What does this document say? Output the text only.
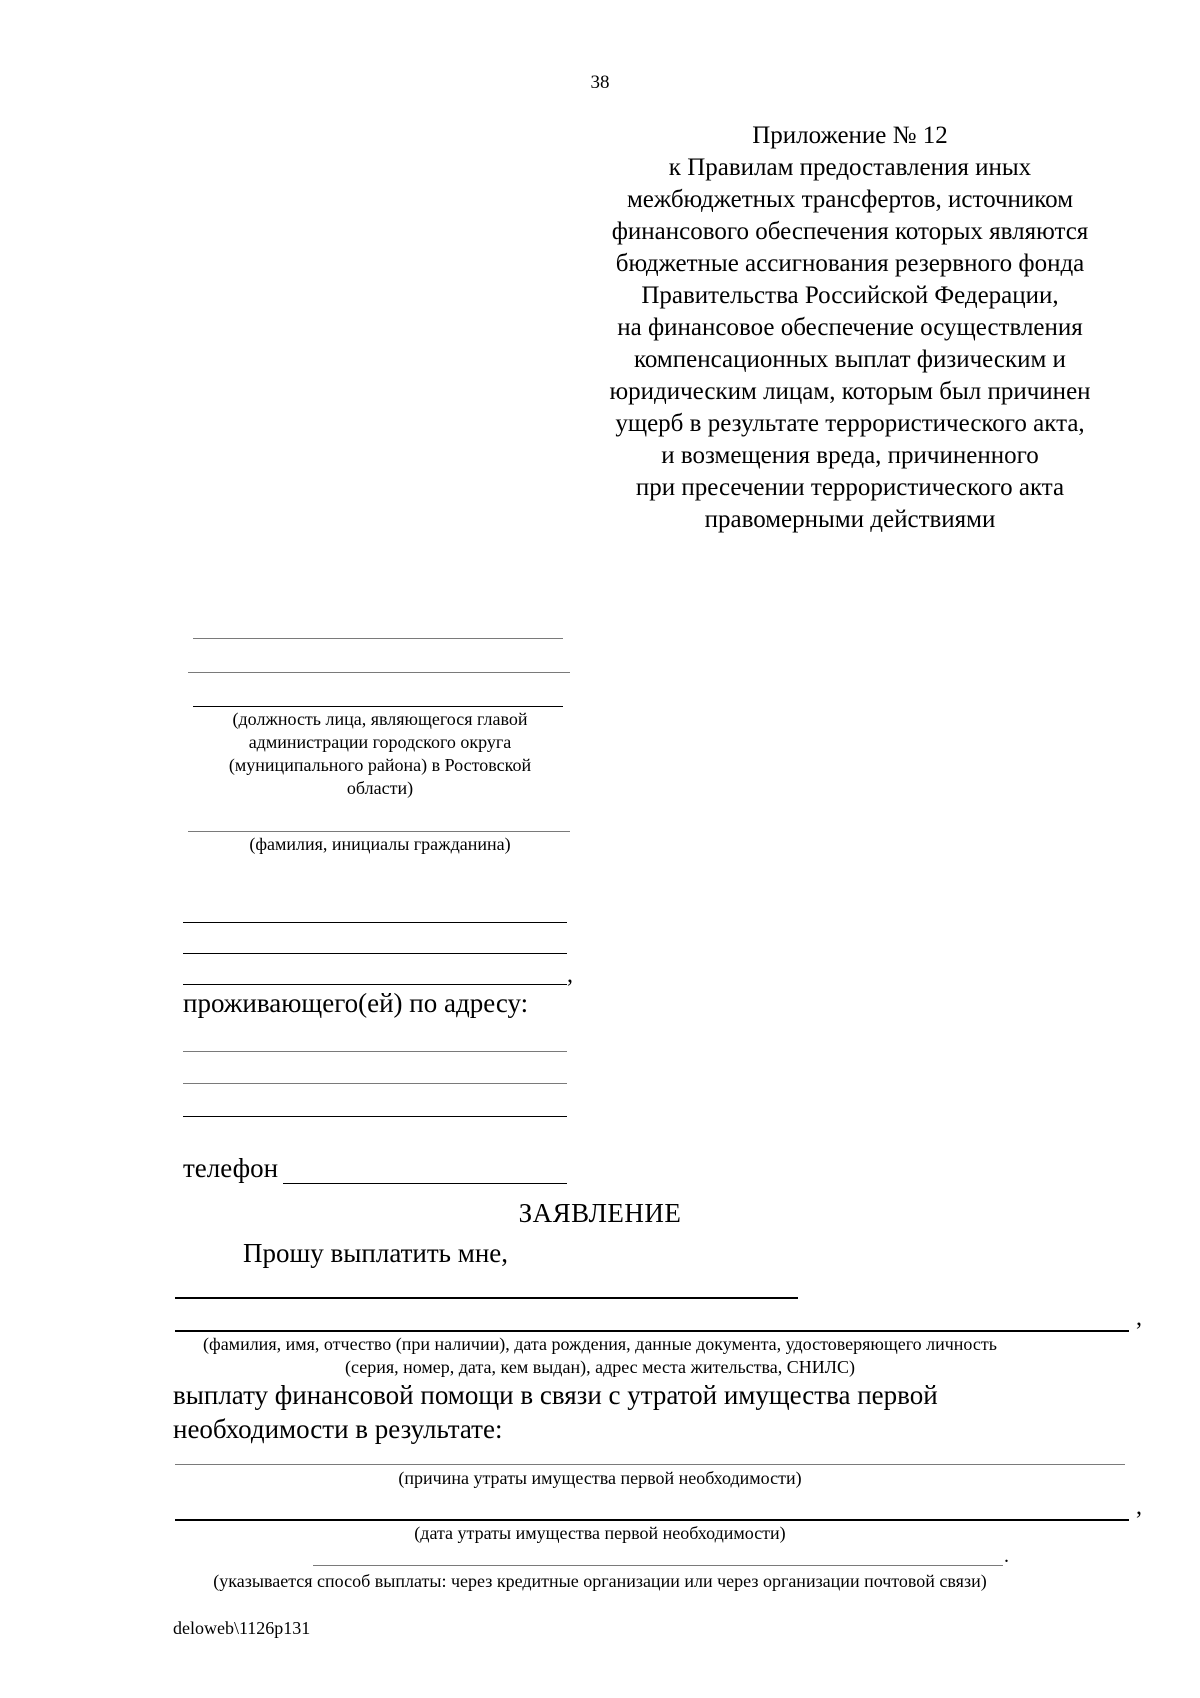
38
Приложение № 12
к Правилам предоставления иных
межбюджетных трансфертов, источником
финансового обеспечения которых являются
бюджетные ассигнования резервного фонда
Правительства Российской Федерации,
на финансовое обеспечение осуществления
компенсационных выплат физическим и
юридическим лицам, которым был причинен
ущерб в результате террористического акта,
и возмещения вреда, причиненного
при пресечении террористического акта
правомерными действиями
(должность лица, являющегося главой
администрации городского округа
(муниципального района) в Ростовской
области)
(фамилия, инициалы гражданина)
,
проживающего(ей) по адресу:
телефон
ЗАЯВЛЕНИЕ
Прошу выплатить мне,
,
(фамилия, имя, отчество (при наличии), дата рождения, данные документа, удостоверяющего личность
(серия, номер, дата, кем выдан), адрес места жительства, СНИЛС)
выплату финансовой помощи в связи с утратой имущества первой
необходимости в результате:
(причина утраты имущества первой необходимости)
,
(дата утраты имущества первой необходимости)
.
(указывается способ выплаты: через кредитные организации или через организации почтовой связи)
deloweb\1126p131
